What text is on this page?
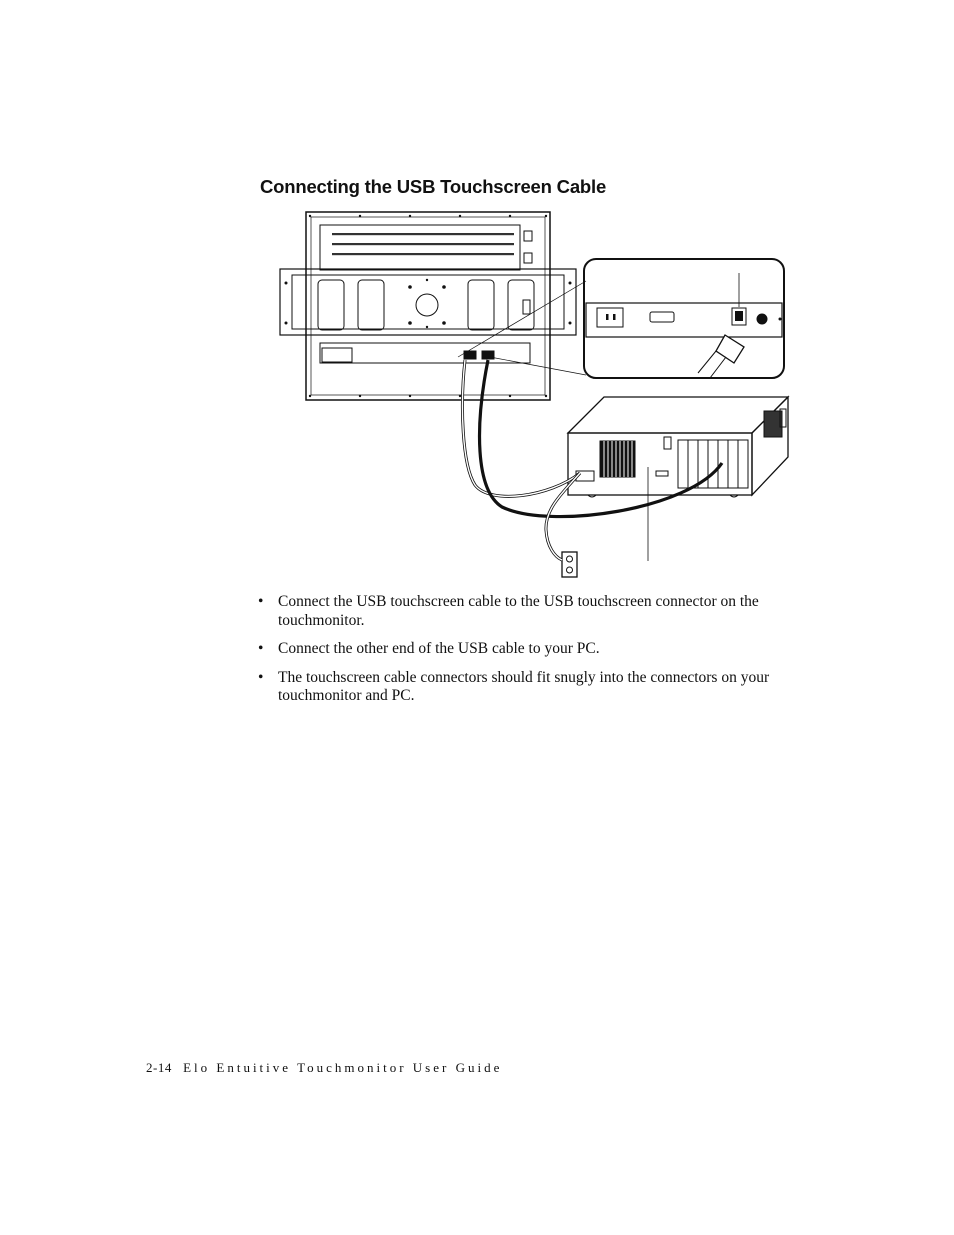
Connecting the USB Touchscreen Cable
• Connect the USB touchscreen cable to the USB touchscreen connector on the touchmonitor.
• Connect the other end of the USB cable to your PC.
• The touchscreen cable connectors should fit snugly into the connectors on your touchmonitor and PC.
2-14 Elo Entuitive Touchmonitor User Guide
